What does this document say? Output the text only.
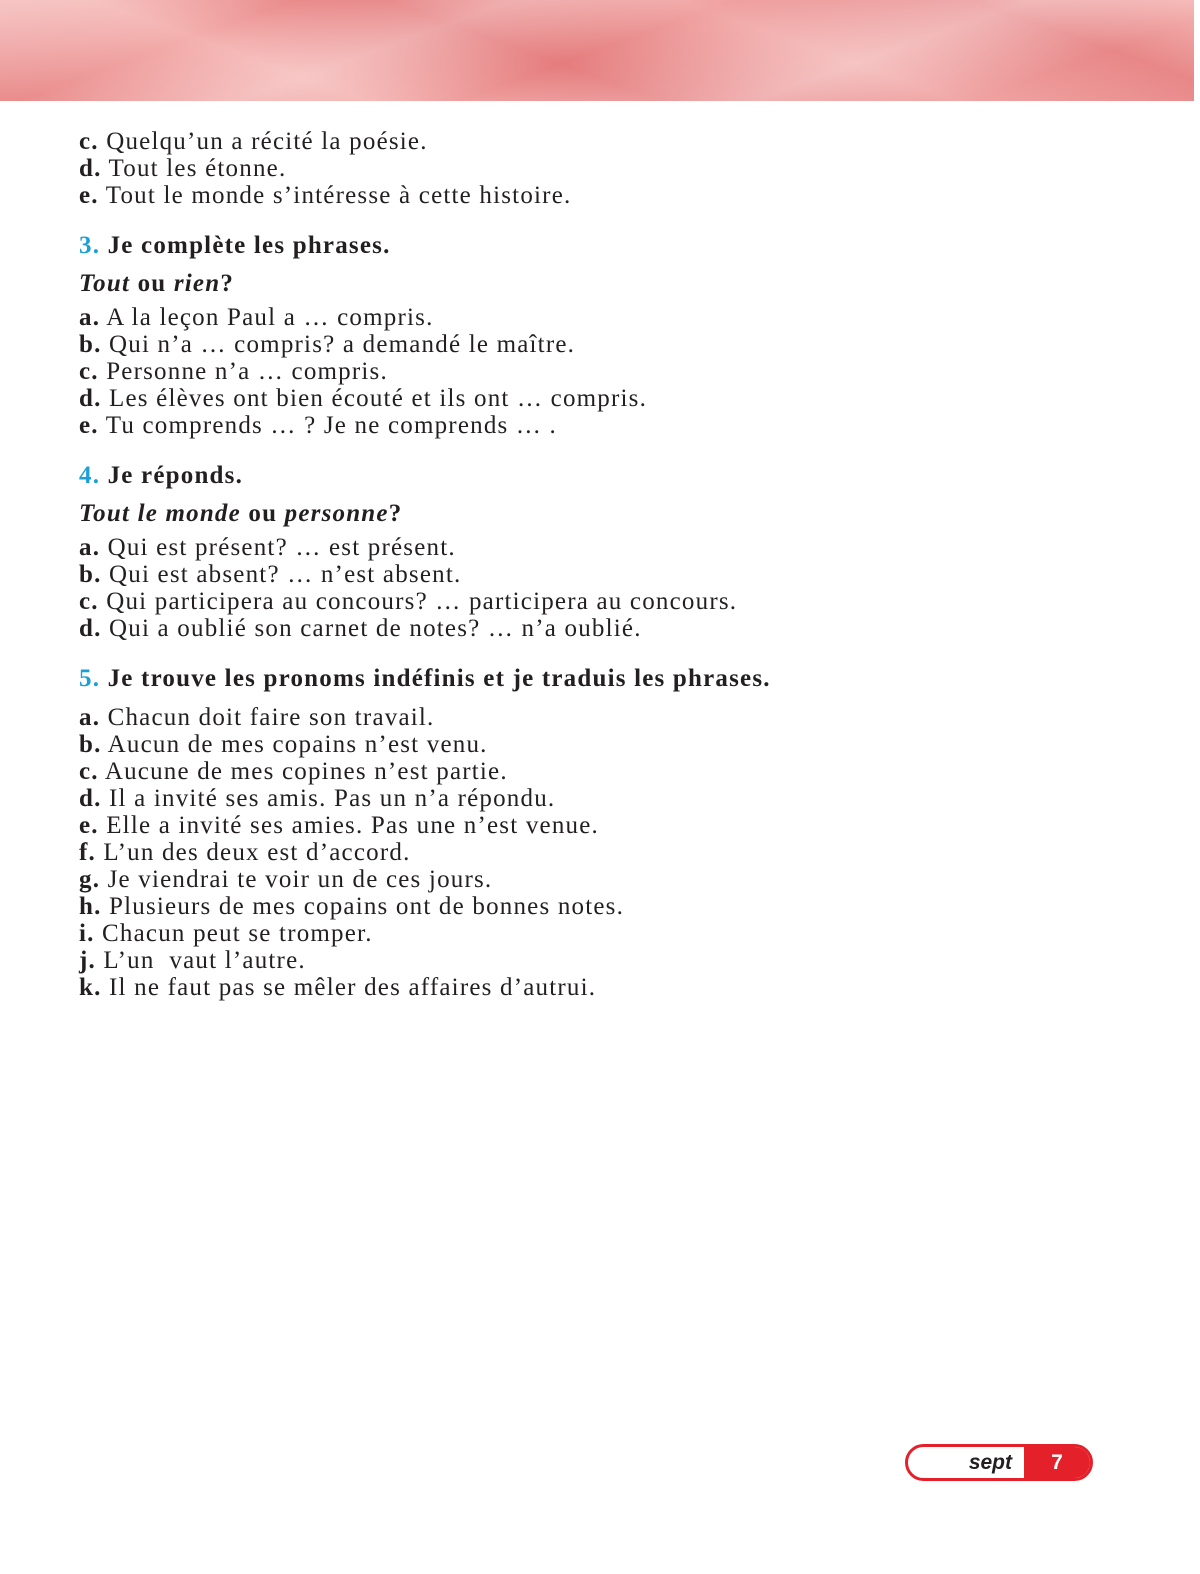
c. Quelqu’un a récité la poésie.
d. Tout les étonne.
e. Tout le monde s’intéresse à cette histoire.
3. Je complète les phrases.
Tout ou rien?
a. A la leçon Paul a … compris.
b. Qui n’a … compris? a demandé le maître.
c. Personne n’a … compris.
d. Les élèves ont bien écouté et ils ont … compris.
e. Tu comprends … ? Je ne comprends … .
4. Je réponds.
Tout le monde ou personne?
a. Qui est présent? … est présent.
b. Qui est absent? … n’est absent.
c. Qui participera au concours? … participera au concours.
d. Qui a oublié son carnet de notes? … n’a oublié.
5. Je trouve les pronoms indéfinis et je traduis les phrases.
a. Chacun doit faire son travail.
b. Aucun de mes copains n’est venu.
c. Aucune de mes copines n’est partie.
d. Il a invité ses amis. Pas un n’a répondu.
e. Elle a invité ses amies. Pas une n’est venue.
f. L’un des deux est d’accord.
g. Je viendrai te voir un de ces jours.
h. Plusieurs de mes copains ont de bonnes notes.
i. Chacun peut se tromper.
j. L’un  vaut l’autre.
k. Il ne faut pas se mêler des affaires d’autrui.
sept	7
